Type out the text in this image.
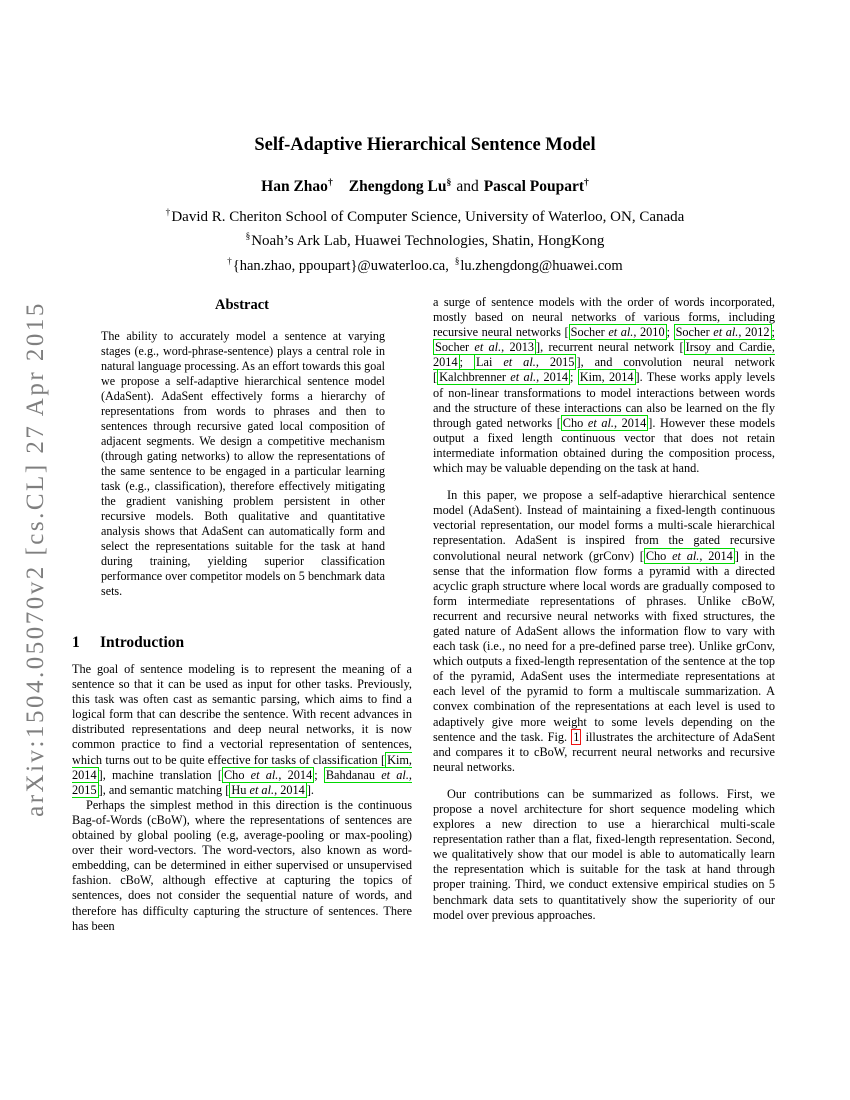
arXiv:1504.05070v2 [cs.CL] 27 Apr 2015
Self-Adaptive Hierarchical Sentence Model
Han Zhao† Zhengdong Lu§ and Pascal Poupart†
†David R. Cheriton School of Computer Science, University of Waterloo, ON, Canada
§Noah’s Ark Lab, Huawei Technologies, Shatin, HongKong
†{han.zhao, ppoupart}@uwaterloo.ca, §lu.zhengdong@huawei.com
Abstract

The ability to accurately model a sentence at varying stages (e.g., word-phrase-sentence) plays a central role in natural language processing. As an effort towards this goal we propose a self-adaptive hierarchical sentence model (AdaSent). AdaSent effectively forms a hierarchy of representations from words to phrases and then to sentences through recursive gated local composition of adjacent segments. We design a competitive mechanism (through gating networks) to allow the representations of the same sentence to be engaged in a particular learning task (e.g., classification), therefore effectively mitigating the gradient vanishing problem persistent in other recursive models. Both qualitative and quantitative analysis shows that AdaSent can automatically form and select the representations suitable for the task at hand during training, yielding superior classification performance over competitor models on 5 benchmark data sets.

1 Introduction

The goal of sentence modeling is to represent the meaning of a sentence so that it can be used as input for other tasks. Previously, this task was often cast as semantic parsing, which aims to find a logical form that can describe the sentence. With recent advances in distributed representations and deep neural networks, it is now common practice to find a vectorial representation of sentences, which turns out to be quite effective for tasks of classification [ Kim, 2014 ], machine translation [ Cho et al., 2014 ; Bahdanau et al., 2015 ], and semantic matching [ Hu et al., 2014 ].

Perhaps the simplest method in this direction is the continuous Bag-of-Words (cBoW), where the representations of sentences are obtained by global pooling (e.g, average-pooling or max-pooling) over their word-vectors. The word-vectors, also known as word-embedding, can be determined in either supervised or unsupervised fashion. cBoW, although effective at capturing the topics of sentences, does not consider the sequential nature of words, and therefore has difficulty capturing the structure of sentences. There has been

a surge of sentence models with the order of words incorporated, mostly based on neural networks of various forms, including recursive neural networks [ Socher et al., 2010 ; Socher et al., 2012 ; Socher et al., 2013 ], recurrent neural network [ Irsoy and Cardie, 2014 ; Lai et al., 2015 ], and convolution neural network [ Kalchbrenner et al., 2014 ; Kim, 2014 ]. These works apply levels of non-linear transformations to model interactions between words and the structure of these interactions can also be learned on the fly through gated networks [ Cho et al., 2014 ]. However these models output a fixed length continuous vector that does not retain intermediate information obtained during the composition process, which may be valuable depending on the task at hand.

In this paper, we propose a self-adaptive hierarchical sentence model (AdaSent). Instead of maintaining a fixed-length continuous vectorial representation, our model forms a multi-scale hierarchical representation. AdaSent is inspired from the gated recursive convolutional neural network (grConv) [ Cho et al., 2014 ] in the sense that the information flow forms a pyramid with a directed acyclic graph structure where local words are gradually composed to form intermediate representations of phrases. Unlike cBoW, recurrent and recursive neural networks with fixed structures, the gated nature of AdaSent allows the information flow to vary with each task (i.e., no need for a pre-defined parse tree). Unlike grConv, which outputs a fixed-length representation of the sentence at the top of the pyramid, AdaSent uses the intermediate representations at each level of the pyramid to form a multiscale summarization. A convex combination of the representations at each level is used to adaptively give more weight to some levels depending on the sentence and the task. Fig. 1 illustrates the architecture of AdaSent and compares it to cBoW, recurrent neural networks and recursive neural networks.

Our contributions can be summarized as follows. First, we propose a novel architecture for short sequence modeling which explores a new direction to use a hierarchical multi-scale representation rather than a flat, fixed-length representation. Second, we qualitatively show that our model is able to automatically learn the representation which is suitable for the task at hand through proper training. Third, we conduct extensive empirical studies on 5 benchmark data sets to quantitatively show the superiority of our model over previous approaches.
